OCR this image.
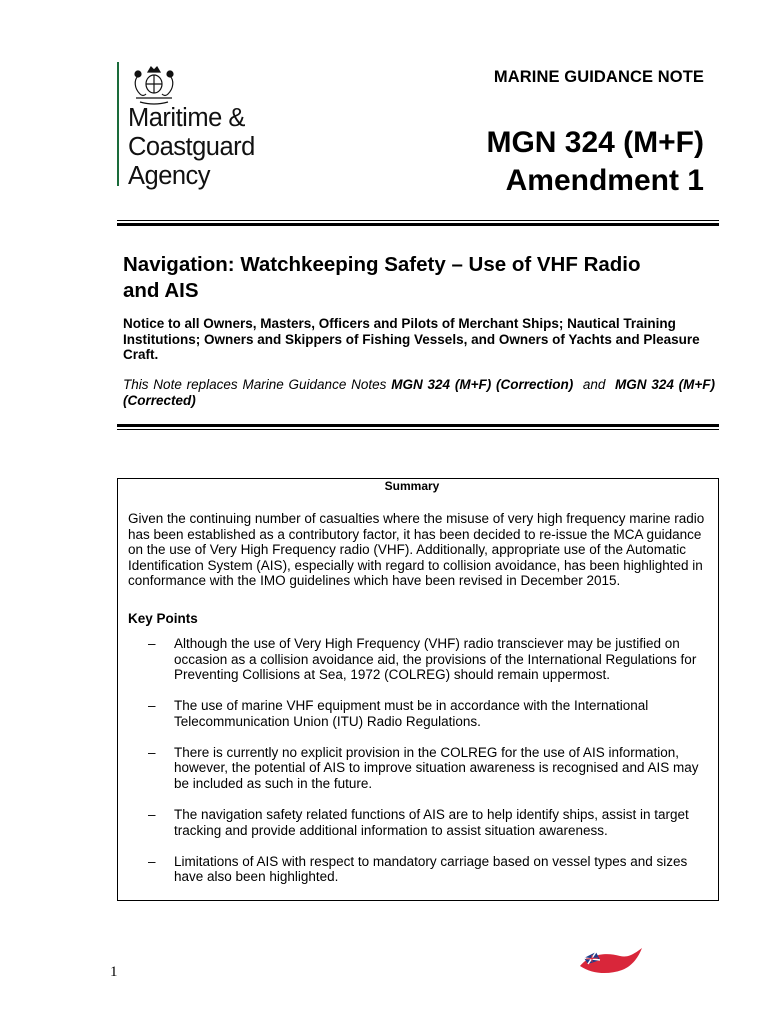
Maritime &
Coastguard
Agency
MARINE GUIDANCE NOTE
MGN 324 (M+F)
Amendment 1
Navigation: Watchkeeping Safety – Use of VHF Radio
and AIS
Notice to all Owners, Masters, Officers and Pilots of Merchant Ships; Nautical Training Institutions; Owners and Skippers of Fishing Vessels, and Owners of Yachts and Pleasure Craft.
This Note replaces Marine Guidance Notes MGN 324 (M+F) (Correction)  and  MGN 324 (M+F) (Corrected)
Summary
Given the continuing number of casualties where the misuse of very high frequency marine radio has been established as a contributory factor, it has been decided to re-issue the MCA guidance on the use of Very High Frequency radio (VHF). Additionally, appropriate use of the Automatic Identification System (AIS), especially with regard to collision avoidance, has been highlighted in conformance with the IMO guidelines which have been revised in December 2015.
Key Points
–	Although the use of Very High Frequency (VHF) radio transciever may be justified on occasion as a collision avoidance aid, the provisions of the International Regulations for Preventing Collisions at Sea, 1972 (COLREG) should remain uppermost.
–	The use of marine VHF equipment must be in accordance with the International Telecommunication Union (ITU) Radio Regulations.
–	There is currently no explicit provision in the COLREG for the use of AIS information, however, the potential of AIS to improve situation awareness is recognised and AIS may be included as such in the future.
–	The navigation safety related functions of AIS are to help identify ships, assist in target tracking and provide additional information to assist situation awareness.
–	Limitations of AIS with respect to mandatory carriage based on vessel types and sizes have also been highlighted.
1
